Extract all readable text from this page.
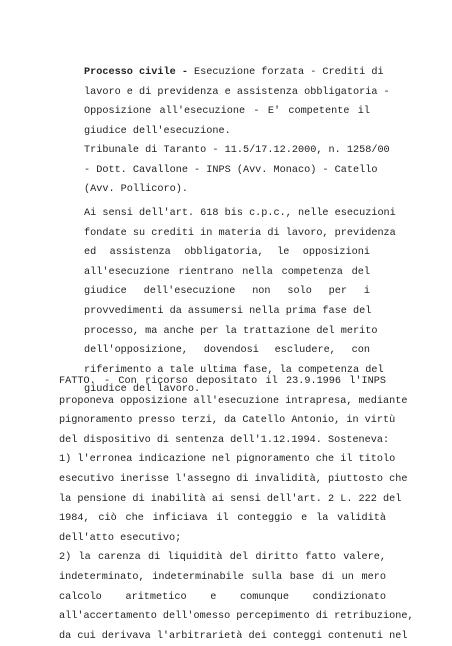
Processo civile - Esecuzione forzata - Crediti di
lavoro e di previdenza e assistenza obbligatoria -
Opposizione all'esecuzione - E' competente il
giudice dell'esecuzione.
Tribunale di Taranto - 11.5/17.12.2000, n. 1258/00
- Dott. Cavallone - INPS (Avv. Monaco) - Catello
(Avv. Pollicoro).
Ai sensi dell'art. 618 bis c.p.c., nelle esecuzioni
fondate su crediti in materia di lavoro, previdenza
ed assistenza obbligatoria, le opposizioni
all'esecuzione rientrano nella competenza del
giudice dell'esecuzione non solo per i
provvedimenti da assumersi nella prima fase del
processo, ma anche per la trattazione del merito
dell'opposizione, dovendosi escludere, con
riferimento a tale ultima fase, la competenza del
giudice del lavoro.
FATTO. - Con ricorso depositato il 23.9.1996 l'INPS
proponeva opposizione all'esecuzione intrapresa, mediante
pignoramento presso terzi, da Catello Antonio, in virtù
del dispositivo di sentenza dell'1.12.1994. Sosteneva:
1) l'erronea indicazione nel pignoramento che il titolo
esecutivo inerisse l'assegno di invalidità, piuttosto che
la pensione di inabilità ai sensi dell'art. 2 L. 222 del
1984, ciò che inficiava il conteggio e la validità
dell'atto esecutivo;
2) la carenza di liquidità del diritto fatto valere,
indeterminato, indeterminabile sulla base di un mero
calcolo aritmetico e comunque condizionato
all'accertamento dell'omesso percepimento di retribuzione,
da cui derivava l'arbitrarietà dei conteggi contenuti nel
